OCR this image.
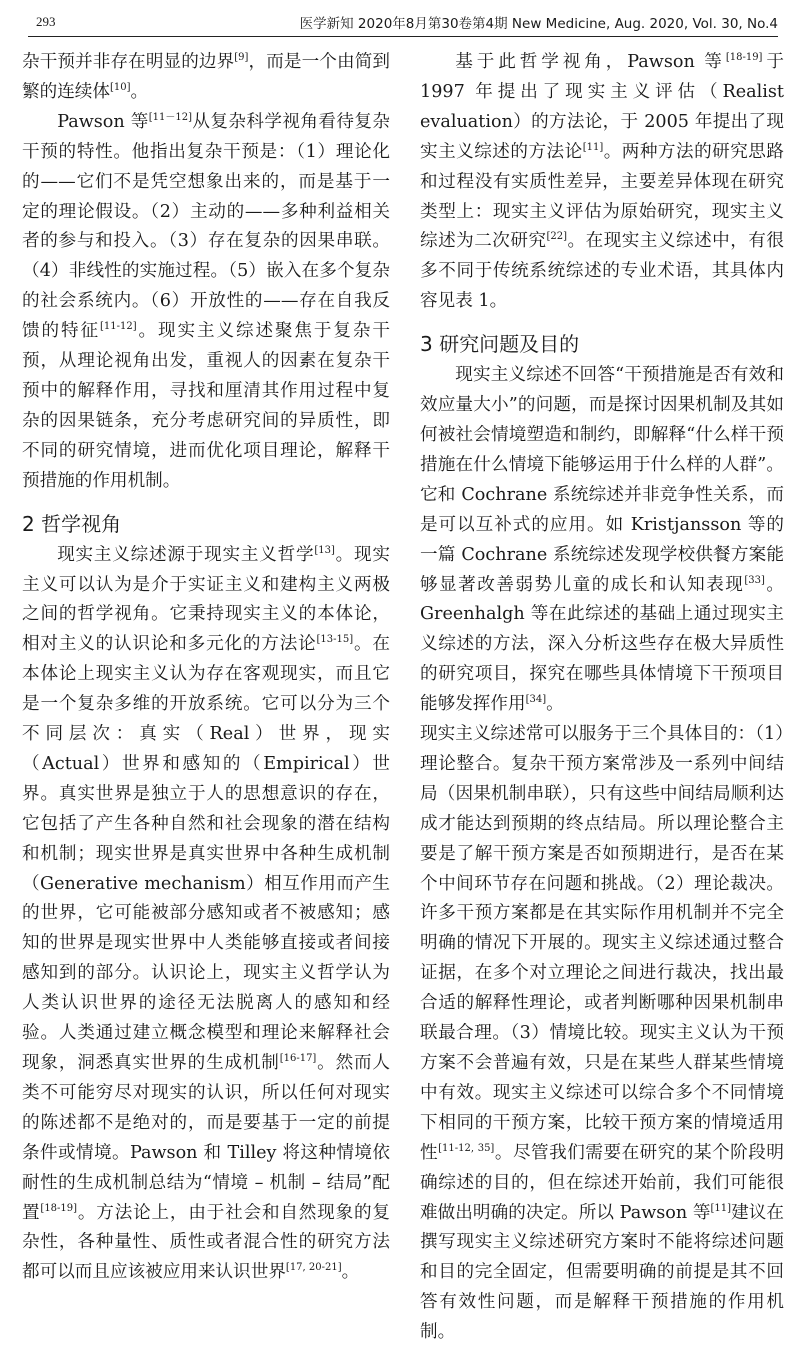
293	医学新知 2020年8月第30卷第4期 New Medicine, Aug. 2020, Vol. 30, No.4

杂干预并非存在明显的边界[9]，而是一个由简到繁的连续体[10]。

Pawson 等[11－12]从复杂科学视角看待复杂干预的特性。他指出复杂干预是：（1）理论化的——它们不是凭空想象出来的，而是基于一定的理论假设。（2）主动的——多种利益相关者的参与和投入。（3）存在复杂的因果串联。（4）非线性的实施过程。（5）嵌入在多个复杂的社会系统内。（6）开放性的——存在自我反馈的特征[11-12]。现实主义综述聚焦于复杂干预，从理论视角出发，重视人的因素在复杂干预中的解释作用，寻找和厘清其作用过程中复杂的因果链条，充分考虑研究间的异质性，即不同的研究情境，进而优化项目理论，解释干预措施的作用机制。

2 哲学视角

现实主义综述源于现实主义哲学[13]。现实主义可以认为是介于实证主义和建构主义两极之间的哲学视角。它秉持现实主义的本体论，相对主义的认识论和多元化的方法论[13-15]。在本体论上现实主义认为存在客观现实，而且它是一个复杂多维的开放系统。它可以分为三个不同层次：真实（Real）世界，现实（Actual）世界和感知的（Empirical）世界。真实世界是独立于人的思想意识的存在，它包括了产生各种自然和社会现象的潜在结构和机制；现实世界是真实世界中各种生成机制（Generative mechanism）相互作用而产生的世界，它可能被部分感知或者不被感知；感知的世界是现实世界中人类能够直接或者间接感知到的部分。认识论上，现实主义哲学认为人类认识世界的途径无法脱离人的感知和经验。人类通过建立概念模型和理论来解释社会现象，洞悉真实世界的生成机制[16-17]。然而人类不可能穷尽对现实的认识，所以任何对现实的陈述都不是绝对的，而是要基于一定的前提条件或情境。Pawson 和 Tilley 将这种情境依耐性的生成机制总结为“情境 – 机制 – 结局”配置[18-19]。方法论上，由于社会和自然现象的复杂性，各种量性、质性或者混合性的研究方法都可以而且应该被应用来认识世界[17, 20-21]。

基于此哲学视角，Pawson 等[18-19]于 1997 年提出了现实主义评估（Realist evaluation）的方法论，于 2005 年提出了现实主义综述的方法论[11]。两种方法的研究思路和过程没有实质性差异，主要差异体现在研究类型上：现实主义评估为原始研究，现实主义综述为二次研究[22]。在现实主义综述中，有很多不同于传统系统综述的专业术语，其具体内容见表 1。

3 研究问题及目的

现实主义综述不回答“干预措施是否有效和效应量大小”的问题，而是探讨因果机制及其如何被社会情境塑造和制约，即解释“什么样干预措施在什么情境下能够运用于什么样的人群”。它和 Cochrane 系统综述并非竞争性关系，而是可以互补式的应用。如 Kristjansson 等的一篇 Cochrane 系统综述发现学校供餐方案能够显著改善弱势儿童的成长和认知表现[33]。Greenhalgh 等在此综述的基础上通过现实主义综述的方法，深入分析这些存在极大异质性的研究项目，探究在哪些具体情境下干预项目能够发挥作用[34]。

现实主义综述常可以服务于三个具体目的：（1）理论整合。复杂干预方案常涉及一系列中间结局（因果机制串联），只有这些中间结局顺利达成才能达到预期的终点结局。所以理论整合主要是了解干预方案是否如预期进行，是否在某个中间环节存在问题和挑战。（2）理论裁决。许多干预方案都是在其实际作用机制并不完全明确的情况下开展的。现实主义综述通过整合证据，在多个对立理论之间进行裁决，找出最合适的解释性理论，或者判断哪种因果机制串联最合理。（3）情境比较。现实主义认为干预方案不会普遍有效，只是在某些人群某些情境中有效。现实主义综述可以综合多个不同情境下相同的干预方案，比较干预方案的情境适用性[11-12, 35]。尽管我们需要在研究的某个阶段明确综述的目的，但在综述开始前，我们可能很难做出明确的决定。所以 Pawson 等[11]建议在撰写现实主义综述研究方案时不能将综述问题和目的完全固定，但需要明确的前提是其不回答有效性问题，而是解释干预措施的作用机制。
